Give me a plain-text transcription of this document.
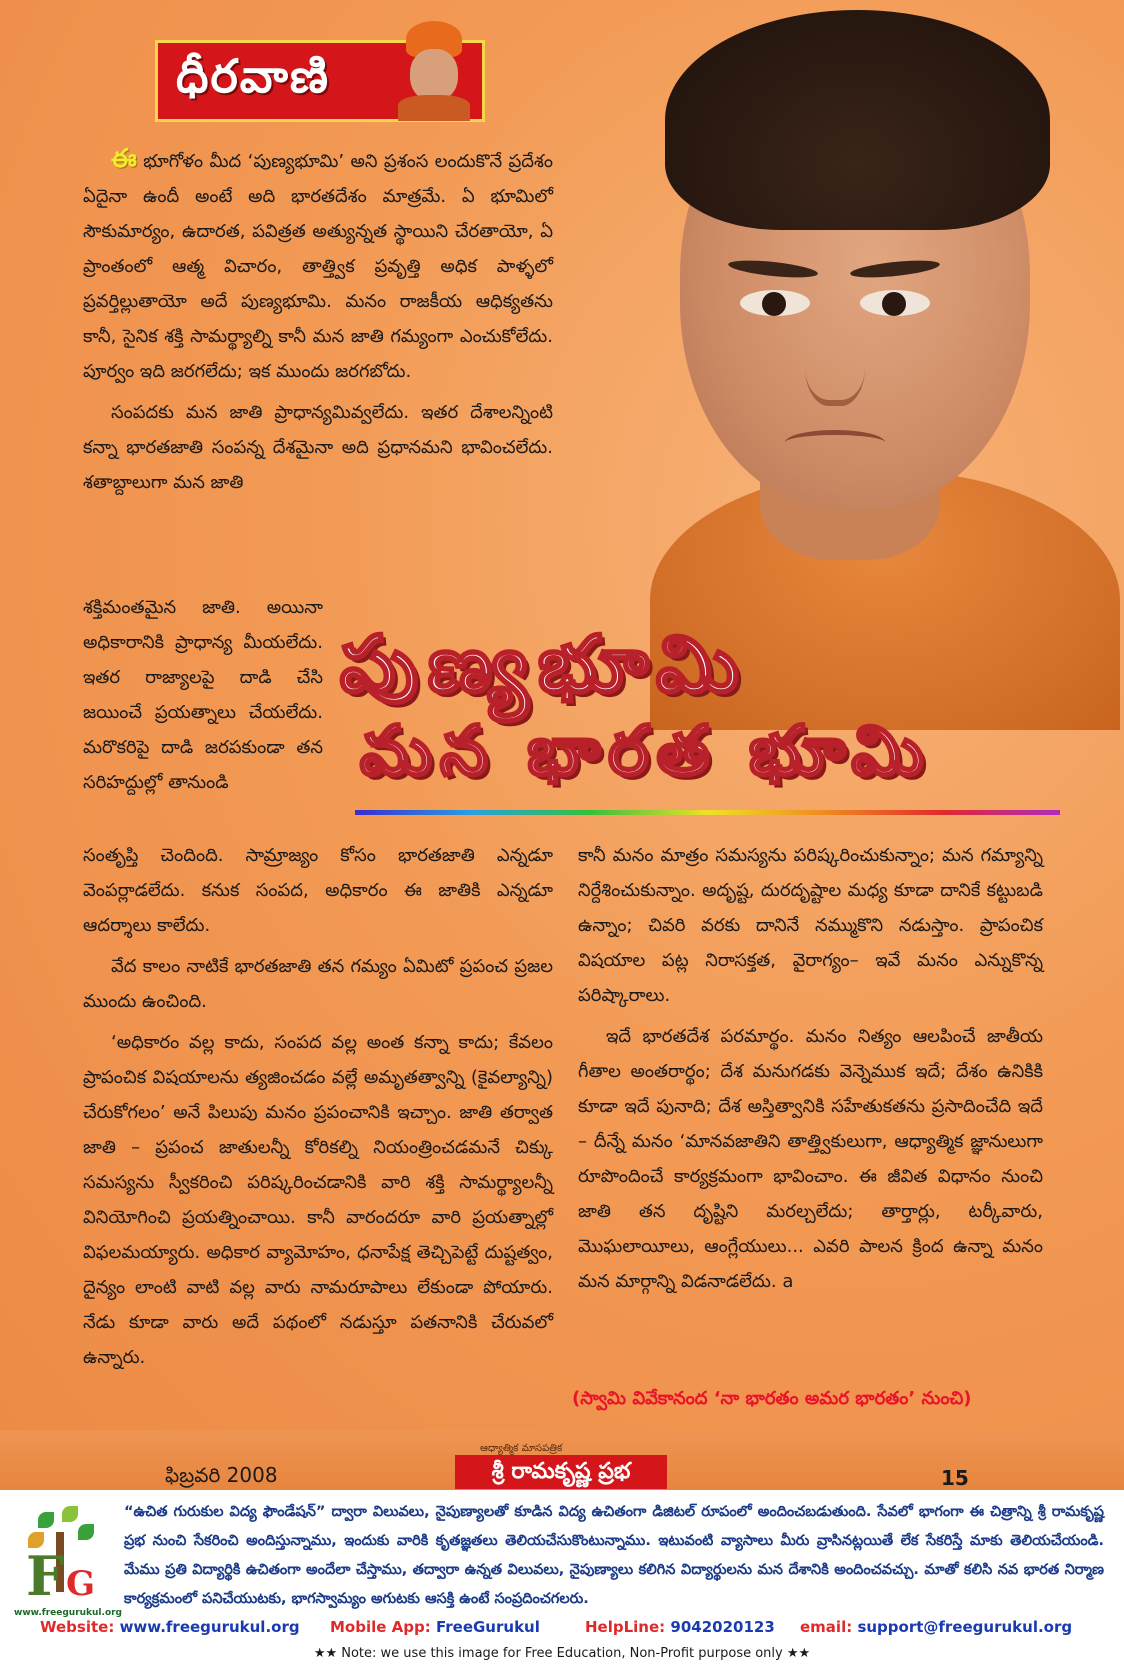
ధీరవాణి

ఈ భూగోళం మీద ‘పుణ్యభూమి’ అని ప్రశంస లందుకొనే ప్రదేశం ఏదైనా ఉందీ అంటే అది భారతదేశం మాత్రమే. ఏ భూమిలో సౌకుమార్యం, ఉదారత, పవిత్రత అత్యున్నత స్థాయిని చేరతాయో, ఏ ప్రాంతంలో ఆత్మ విచారం, తాత్త్విక ప్రవృత్తి అధిక పాళ్ళలో ప్రవర్తిల్లుతాయో అదే పుణ్యభూమి. మనం రాజకీయ ఆధిక్యతను కానీ, సైనిక శక్తి సామర్థ్యాల్ని కానీ మన జాతి గమ్యంగా ఎంచుకోలేదు. పూర్వం ఇది జరగలేదు; ఇక ముందు జరగబోదు.

సంపదకు మన జాతి ప్రాధాన్యమివ్వలేదు. ఇతర దేశాలన్నింటి కన్నా భారతజాతి సంపన్న దేశమైనా అది ప్రధానమని భావించలేదు. శతాబ్దాలుగా మన జాతి

శక్తిమంతమైన జాతి. అయినా అధికారానికి ప్రాధాన్య మీయలేదు. ఇతర రాజ్యాలపై దాడి చేసి జయించే ప్రయత్నాలు చేయలేదు. మరొకరిపై దాడి జరపకుండా తన సరిహద్దుల్లో తానుండి

పుణ్యభూమి
మన భారత భూమి

సంతృప్తి చెందింది. సామ్రాజ్యం కోసం భారతజాతి ఎన్నడూ వెంపర్లాడలేదు. కనుక సంపద, అధికారం ఈ జాతికి ఎన్నడూ ఆదర్శాలు కాలేదు.

వేద కాలం నాటికే భారతజాతి తన గమ్యం ఏమిటో ప్రపంచ ప్రజల ముందు ఉంచింది.

‘అధికారం వల్ల కాదు, సంపద వల్ల అంత కన్నా కాదు; కేవలం ప్రాపంచిక విషయాలను త్యజించడం వల్లే అమృతత్వాన్ని (కైవల్యాన్ని) చేరుకోగలం’ అనే పిలుపు మనం ప్రపంచానికి ఇచ్చాం. జాతి తర్వాత జాతి – ప్రపంచ జాతులన్నీ కోరికల్ని నియంత్రించడమనే చిక్కు సమస్యను స్వీకరించి పరిష్కరించడానికి వారి శక్తి సామర్థ్యాలన్నీ వినియోగించి ప్రయత్నించాయి. కానీ వారందరూ వారి ప్రయత్నాల్లో విఫలమయ్యారు. అధికార వ్యామోహం, ధనాపేక్ష తెచ్చిపెట్టే దుష్టత్వం, దైన్యం లాంటి వాటి వల్ల వారు నామరూపాలు లేకుండా పోయారు. నేడు కూడా వారు అదే పథంలో నడుస్తూ పతనానికి చేరువలో ఉన్నారు.

కానీ మనం మాత్రం సమస్యను పరిష్కరించుకున్నాం; మన గమ్యాన్ని నిర్దేశించుకున్నాం. అదృష్ట, దురదృష్టాల మధ్య కూడా దానికే కట్టుబడి ఉన్నాం; చివరి వరకు దానినే నమ్ముకొని నడుస్తాం. ప్రాపంచిక విషయాల పట్ల నిరాసక్తత, వైరాగ్యం– ఇవే మనం ఎన్నుకొన్న పరిష్కారాలు.

ఇదే భారతదేశ పరమార్థం. మనం నిత్యం ఆలపించే జాతీయ గీతాల అంతరార్థం; దేశ మనుగడకు వెన్నెముక ఇదే; దేశం ఉనికికి కూడా ఇదే పునాది; దేశ అస్తిత్వానికి సహేతుకతను ప్రసాదించేది ఇదే – దీన్నే మనం ‘మానవజాతిని తాత్త్వికులుగా, ఆధ్యాత్మిక జ్ఞానులుగా రూపొందించే కార్యక్రమంగా భావించాం. ఈ జీవిత విధానం నుంచి జాతి తన దృష్టిని మరల్చలేదు; తార్తార్లు, టర్కీవారు, మొఘలాయీలు, ఆంగ్లేయులు... ఎవరి పాలన క్రింద ఉన్నా మనం మన మార్గాన్ని విడనాడలేదు. a

(స్వామి వివేకానంద ‘నా భారతం అమర భారతం’ నుంచి)
ఫిబ్రవరి 2008
ఆధ్యాత్మిక మాసపత్రిక
శ్రీ రామకృష్ణ ప్రభ	15
F G
www.freegurukul.org
“ఉచిత గురుకుల విద్య ఫౌండేషన్” ద్వారా విలువలు, నైపుణ్యాలతో కూడిన విద్య ఉచితంగా డిజిటల్ రూపంలో అందించబడుతుంది. సేవలో భాగంగా ఈ చిత్రాన్ని శ్రీ రామకృష్ణ ప్రభ నుంచి సేకరించి అందిస్తున్నాము, ఇందుకు వారికి కృతజ్ఞతలు తెలియచేసుకొంటున్నాము. ఇటువంటి వ్యాసాలు మీరు వ్రాసినట్లయితే లేక సేకరిస్తే మాకు తెలియచేయండి. మేము ప్రతి విద్యార్థికి ఉచితంగా అందేలా చేస్తాము, తద్వారా ఉన్నత విలువలు, నైపుణ్యాలు కలిగిన విద్యార్థులను మన దేశానికి అందించవచ్చు. మాతో కలిసి నవ భారత నిర్మాణ కార్యక్రమంలో పనిచేయుటకు, భాగస్వామ్యం అగుటకు ఆసక్తి ఉంటే సంప్రదించగలరు.
Website: www.freegurukul.org Mobile App: FreeGurukul	HelpLine: 9042020123 email: support@freegurukul.org
★★ Note: we use this image for Free Education, Non-Profit purpose only ★★
